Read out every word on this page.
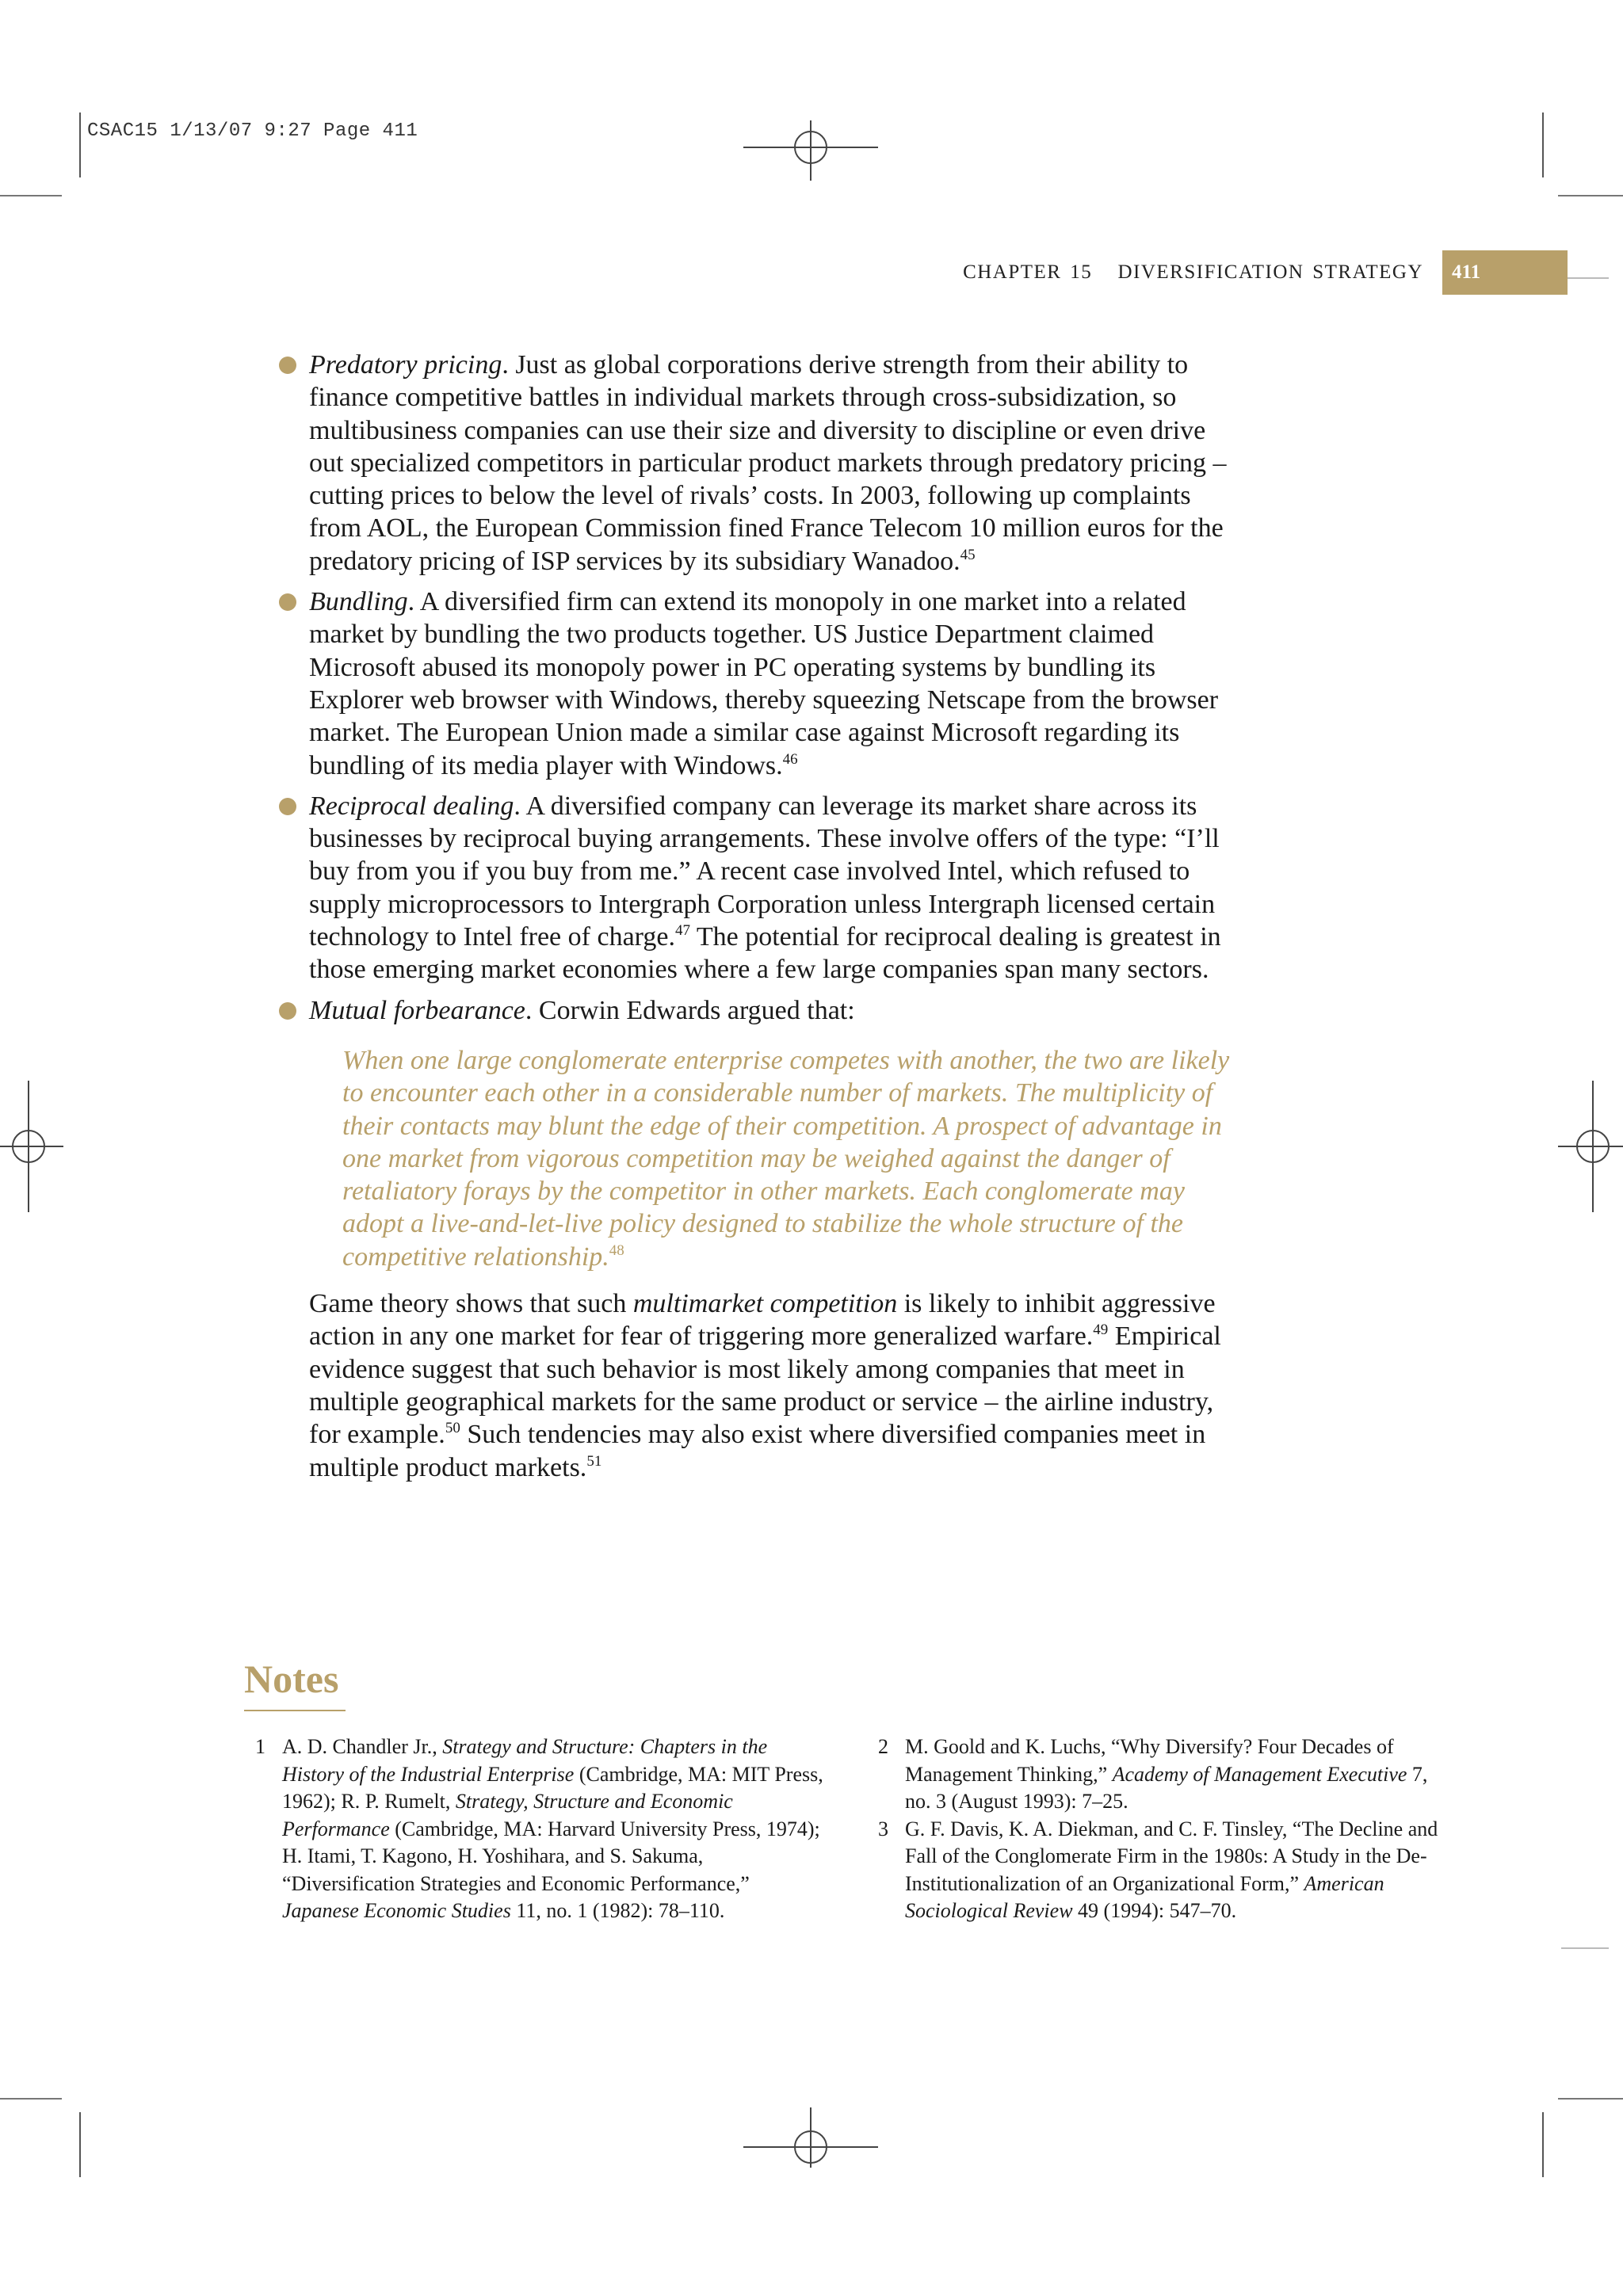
CSAC15 1/13/07 9:27 Page 411
CHAPTER 15   DIVERSIFICATION STRATEGY	411

Predatory pricing. Just as global corporations derive strength from their ability to finance competitive battles in individual markets through cross-subsidization, so multibusiness companies can use their size and diversity to discipline or even drive out specialized competitors in particular product markets through predatory pricing – cutting prices to below the level of rivals’ costs. In 2003, following up complaints from AOL, the European Commission fined France Telecom 10 million euros for the predatory pricing of ISP services by its subsidiary Wanadoo.$^{45}$

Bundling. A diversified firm can extend its monopoly in one market into a related market by bundling the two products together. US Justice Department claimed Microsoft abused its monopoly power in PC operating systems by bundling its Explorer web browser with Windows, thereby squeezing Netscape from the browser market. The European Union made a similar case against Microsoft regarding its bundling of its media player with Windows.$^{46}$

Reciprocal dealing. A diversified company can leverage its market share across its businesses by reciprocal buying arrangements. These involve offers of the type: “I’ll buy from you if you buy from me.” A recent case involved Intel, which refused to supply microprocessors to Intergraph Corporation unless Intergraph licensed certain technology to Intel free of charge.$^{47}$ The potential for reciprocal dealing is greatest in those emerging market economies where a few large companies span many sectors.

Mutual forbearance. Corwin Edwards argued that:

When one large conglomerate enterprise competes with another, the two are likely to encounter each other in a considerable number of markets. The multiplicity of their contacts may blunt the edge of their competition. A prospect of advantage in one market from vigorous competition may be weighed against the danger of retaliatory forays by the competitor in other markets. Each conglomerate may adopt a live-and-let-live policy designed to stabilize the whole structure of the competitive relationship.$^{48}$

Game theory shows that such multimarket competition is likely to inhibit aggressive action in any one market for fear of triggering more generalized warfare.$^{49}$ Empirical evidence suggest that such behavior is most likely among companies that meet in multiple geographical markets for the same product or service – the airline industry, for example.$^{50}$ Such tendencies may also exist where diversified companies meet in multiple product markets.$^{51}$

Notes
1 A. D. Chandler Jr., Strategy and Structure: Chapters in the History of the Industrial Enterprise (Cambridge, MA: MIT Press, 1962); R. P. Rumelt, Strategy, Structure and Economic Performance (Cambridge, MA: Harvard University Press, 1974); H. Itami, T. Kagono, H. Yoshihara, and S. Sakuma, “Diversification Strategies and Economic Performance,” Japanese Economic Studies 11, no. 1 (1982): 78–110.
2 M. Goold and K. Luchs, “Why Diversify? Four Decades of Management Thinking,” Academy of Management Executive 7, no. 3 (August 1993): 7–25.
3 G. F. Davis, K. A. Diekman, and C. F. Tinsley, “The Decline and Fall of the Conglomerate Firm in the 1980s: A Study in the De-Institutionalization of an Organizational Form,” American Sociological Review 49 (1994): 547–70.
